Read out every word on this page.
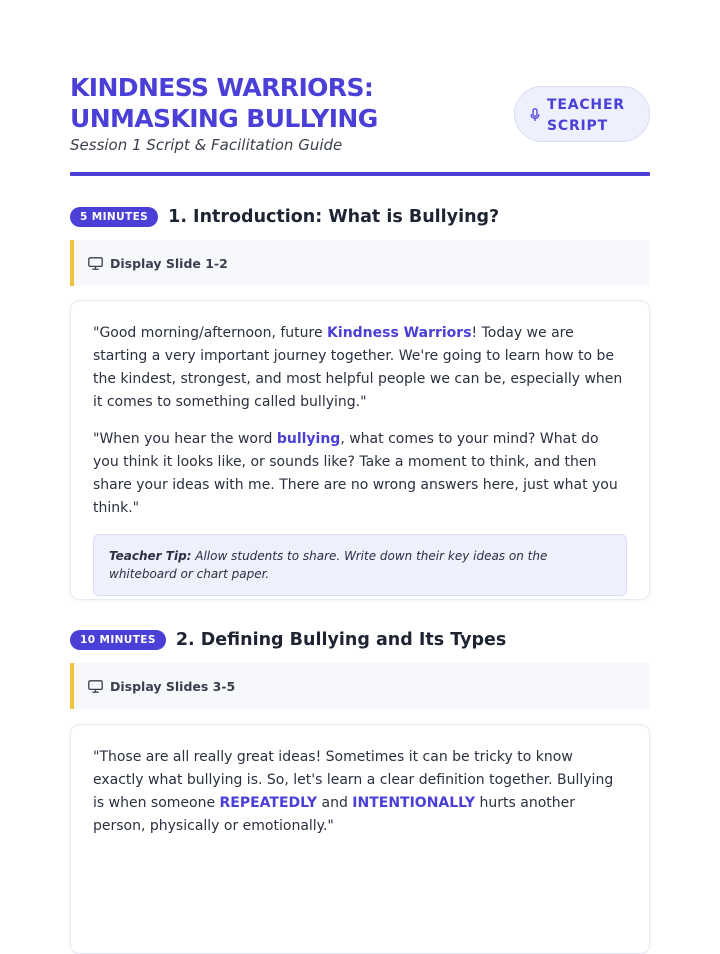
KINDNESS WARRIORS:
UNMASKING BULLYING
Session 1 Script & Facilitation Guide
TEACHER
SCRIPT
5 MINUTES	1. Introduction: What is Bullying?
Display Slide 1-2

"Good morning/afternoon, future Kindness Warriors! Today we are starting a very important journey together. We're going to learn how to be the kindest, strongest, and most helpful people we can be, especially when it comes to something called bullying."

"When you hear the word bullying, what comes to your mind? What do you think it looks like, or sounds like? Take a moment to think, and then share your ideas with me. There are no wrong answers here, just what you think."

Teacher Tip: Allow students to share. Write down their key ideas on the whiteboard or chart paper.
10 MINUTES	2. Defining Bullying and Its Types
Display Slides 3-5

"Those are all really great ideas! Sometimes it can be tricky to know exactly what bullying is. So, let's learn a clear definition together. Bullying is when someone REPEATEDLY and INTENTIONALLY hurts another person, physically or emotionally."
